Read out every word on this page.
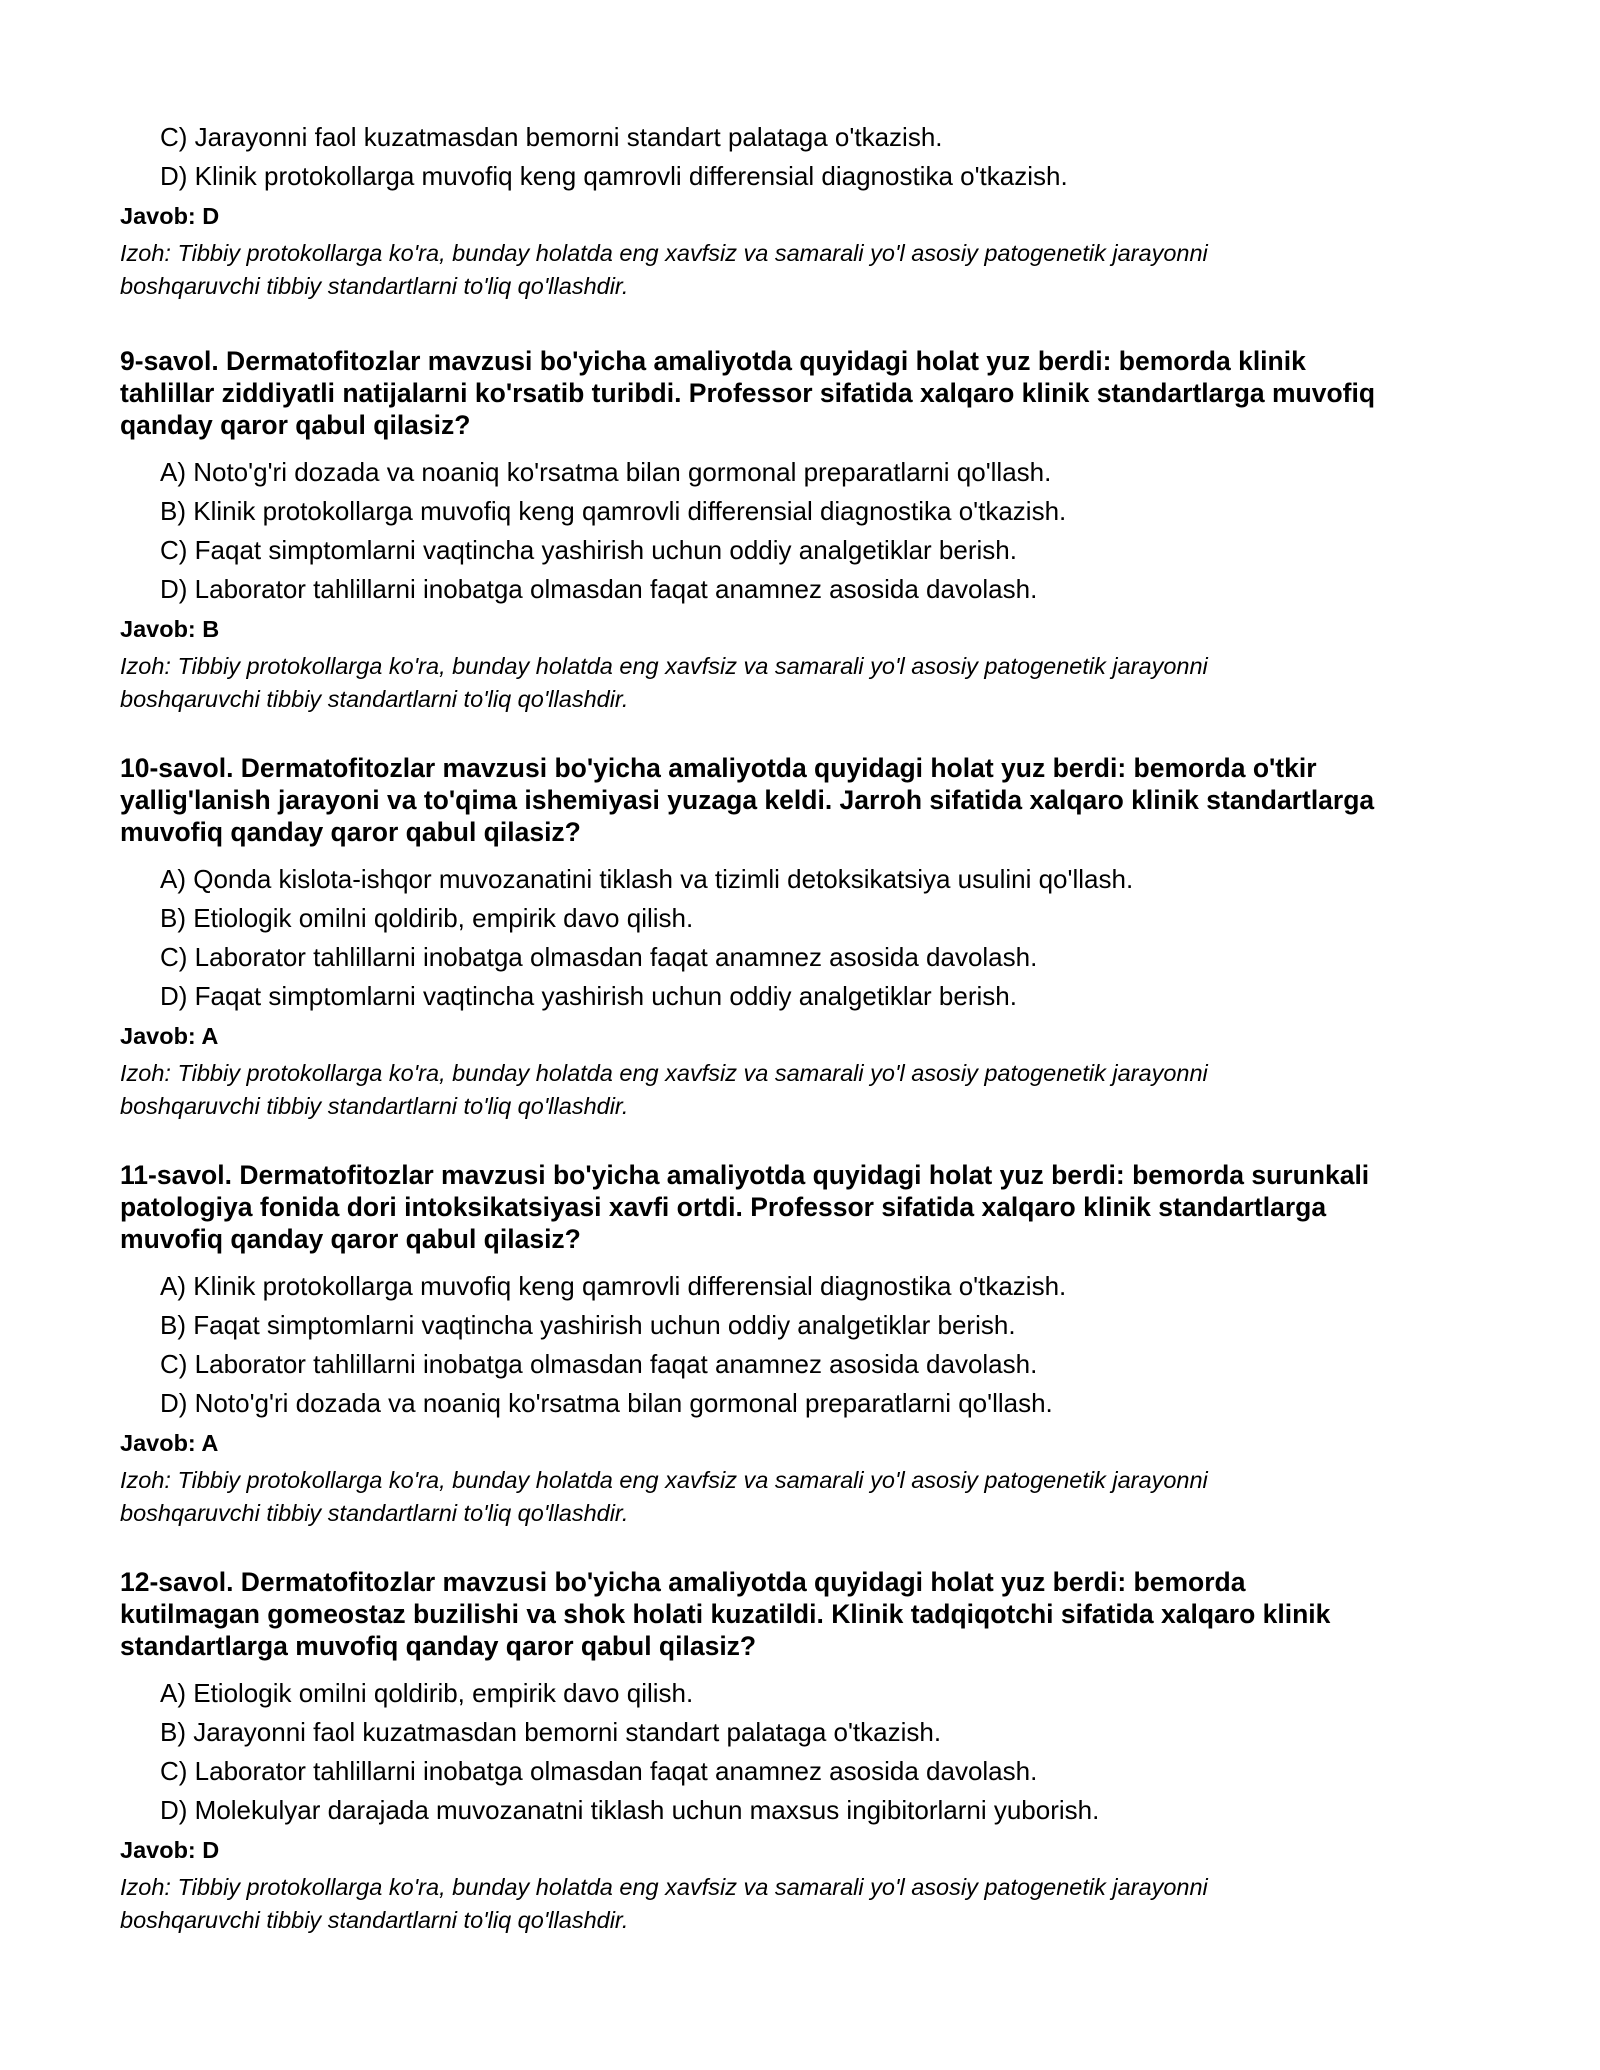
C) Jarayonni faol kuzatmasdan bemorni standart palataga o'tkazish.
D) Klinik protokollarga muvofiq keng qamrovli differensial diagnostika o'tkazish.
Javob: D
Izoh: Tibbiy protokollarga ko'ra, bunday holatda eng xavfsiz va samarali yo'l asosiy patogenetik jarayonni
boshqaruvchi tibbiy standartlarni to'liq qo'llashdir.
9-savol. Dermatofitozlar mavzusi bo'yicha amaliyotda quyidagi holat yuz berdi: bemorda klinik
tahlillar ziddiyatli natijalarni ko'rsatib turibdi. Professor sifatida xalqaro klinik standartlarga muvofiq
qanday qaror qabul qilasiz?
A) Noto'g'ri dozada va noaniq ko'rsatma bilan gormonal preparatlarni qo'llash.
B) Klinik protokollarga muvofiq keng qamrovli differensial diagnostika o'tkazish.
C) Faqat simptomlarni vaqtincha yashirish uchun oddiy analgetiklar berish.
D) Laborator tahlillarni inobatga olmasdan faqat anamnez asosida davolash.
Javob: B
Izoh: Tibbiy protokollarga ko'ra, bunday holatda eng xavfsiz va samarali yo'l asosiy patogenetik jarayonni
boshqaruvchi tibbiy standartlarni to'liq qo'llashdir.
10-savol. Dermatofitozlar mavzusi bo'yicha amaliyotda quyidagi holat yuz berdi: bemorda o'tkir
yallig'lanish jarayoni va to'qima ishemiyasi yuzaga keldi. Jarroh sifatida xalqaro klinik standartlarga
muvofiq qanday qaror qabul qilasiz?
A) Qonda kislota-ishqor muvozanatini tiklash va tizimli detoksikatsiya usulini qo'llash.
B) Etiologik omilni qoldirib, empirik davo qilish.
C) Laborator tahlillarni inobatga olmasdan faqat anamnez asosida davolash.
D) Faqat simptomlarni vaqtincha yashirish uchun oddiy analgetiklar berish.
Javob: A
Izoh: Tibbiy protokollarga ko'ra, bunday holatda eng xavfsiz va samarali yo'l asosiy patogenetik jarayonni
boshqaruvchi tibbiy standartlarni to'liq qo'llashdir.
11-savol. Dermatofitozlar mavzusi bo'yicha amaliyotda quyidagi holat yuz berdi: bemorda surunkali
patologiya fonida dori intoksikatsiyasi xavfi ortdi. Professor sifatida xalqaro klinik standartlarga
muvofiq qanday qaror qabul qilasiz?
A) Klinik protokollarga muvofiq keng qamrovli differensial diagnostika o'tkazish.
B) Faqat simptomlarni vaqtincha yashirish uchun oddiy analgetiklar berish.
C) Laborator tahlillarni inobatga olmasdan faqat anamnez asosida davolash.
D) Noto'g'ri dozada va noaniq ko'rsatma bilan gormonal preparatlarni qo'llash.
Javob: A
Izoh: Tibbiy protokollarga ko'ra, bunday holatda eng xavfsiz va samarali yo'l asosiy patogenetik jarayonni
boshqaruvchi tibbiy standartlarni to'liq qo'llashdir.
12-savol. Dermatofitozlar mavzusi bo'yicha amaliyotda quyidagi holat yuz berdi: bemorda
kutilmagan gomeostaz buzilishi va shok holati kuzatildi. Klinik tadqiqotchi sifatida xalqaro klinik
standartlarga muvofiq qanday qaror qabul qilasiz?
A) Etiologik omilni qoldirib, empirik davo qilish.
B) Jarayonni faol kuzatmasdan bemorni standart palataga o'tkazish.
C) Laborator tahlillarni inobatga olmasdan faqat anamnez asosida davolash.
D) Molekulyar darajada muvozanatni tiklash uchun maxsus ingibitorlarni yuborish.
Javob: D
Izoh: Tibbiy protokollarga ko'ra, bunday holatda eng xavfsiz va samarali yo'l asosiy patogenetik jarayonni
boshqaruvchi tibbiy standartlarni to'liq qo'llashdir.
